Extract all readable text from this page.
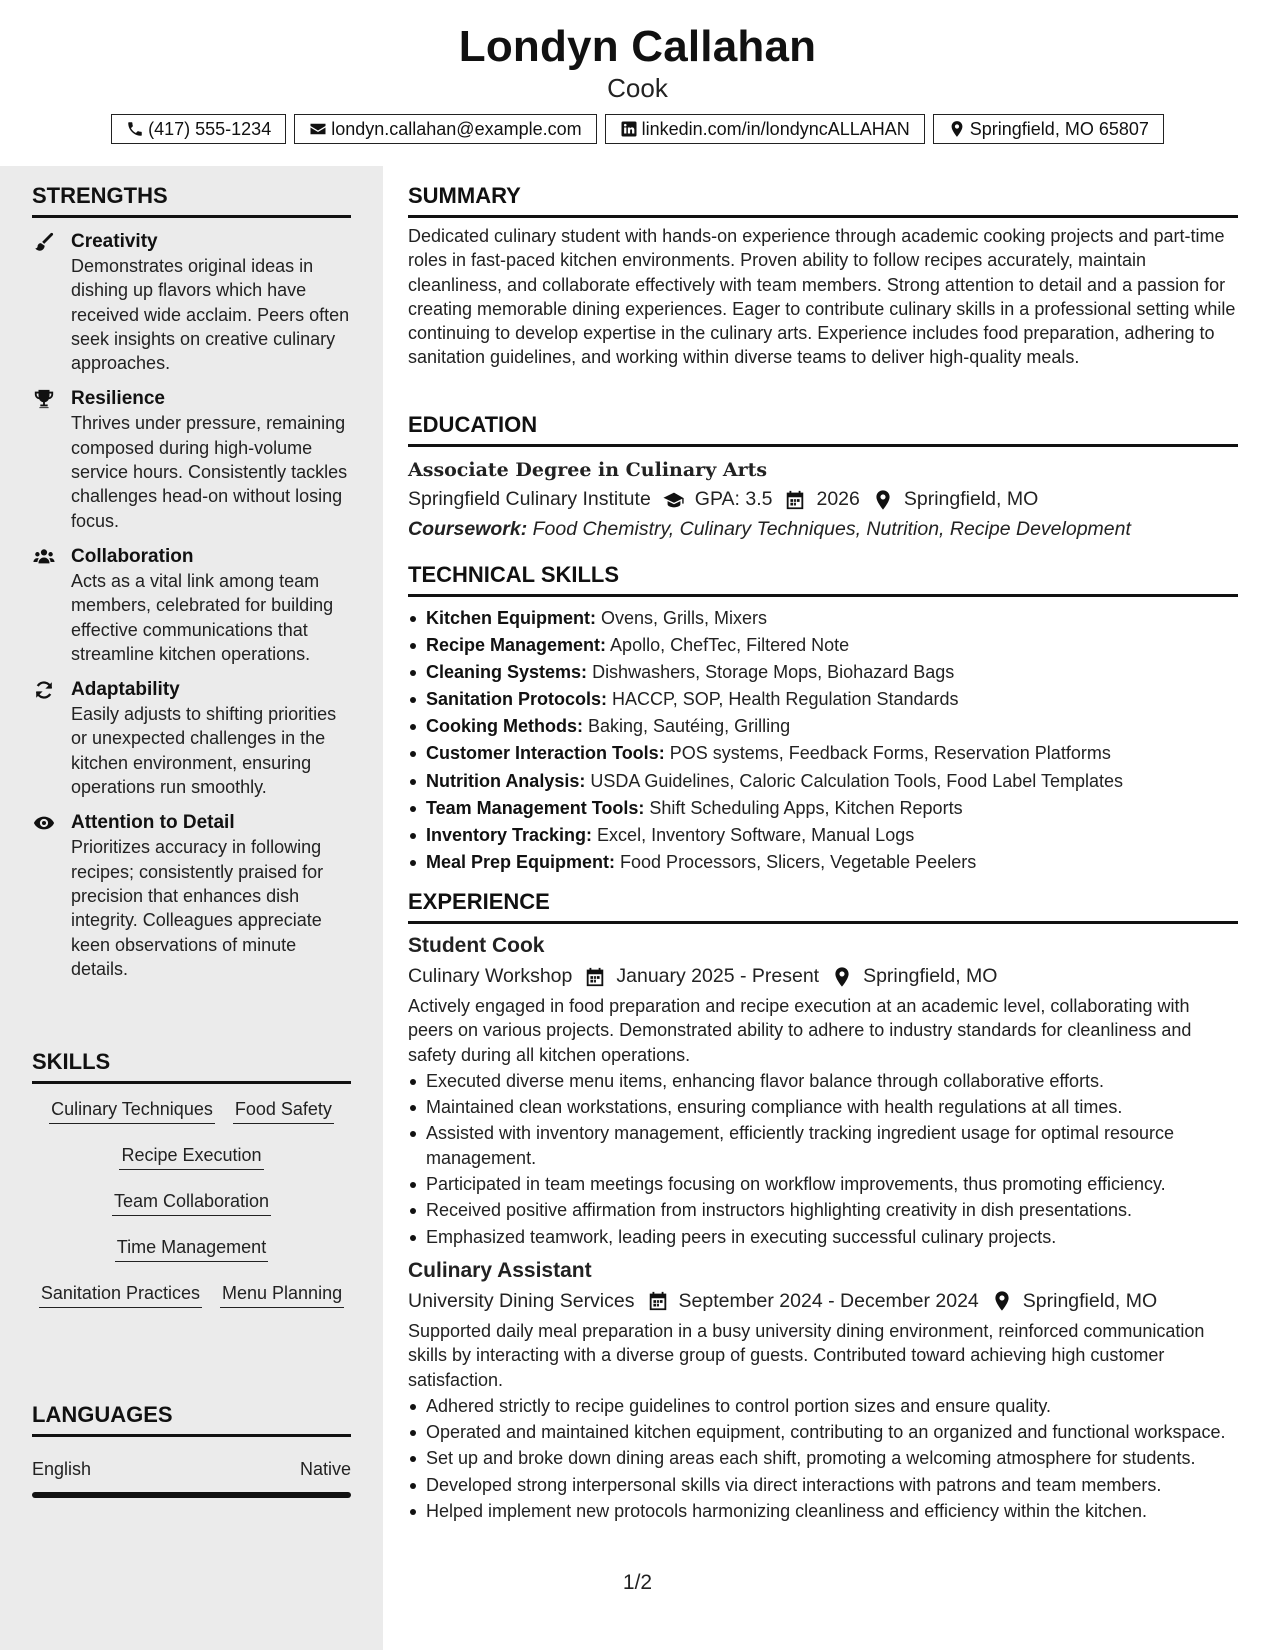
Londyn Callahan
Cook
(417) 555-1234	londyn.callahan@example.com	linkedin.com/in/londyncALLAHAN	Springfield, MO 65807
STRENGTHS
Creativity
Demonstrates original ideas in dishing up flavors which have received wide acclaim. Peers often seek insights on creative culinary approaches.
Resilience
Thrives under pressure, remaining composed during high-volume service hours. Consistently tackles challenges head-on without losing focus.
Collaboration
Acts as a vital link among team members, celebrated for building effective communications that streamline kitchen operations.
Adaptability
Easily adjusts to shifting priorities or unexpected challenges in the kitchen environment, ensuring operations run smoothly.
Attention to Detail
Prioritizes accuracy in following recipes; consistently praised for precision that enhances dish integrity. Colleagues appreciate keen observations of minute details.
SKILLS
Culinary Techniques Food Safety
Recipe Execution
Team Collaboration
Time Management
Sanitation Practices Menu Planning
LANGUAGES
English	Native
SUMMARY

Dedicated culinary student with hands-on experience through academic cooking projects and part-time roles in fast-paced kitchen environments. Proven ability to follow recipes accurately, maintain cleanliness, and collaborate effectively with team members. Strong attention to detail and a passion for creating memorable dining experiences. Eager to contribute culinary skills in a professional setting while continuing to develop expertise in the culinary arts. Experience includes food preparation, adhering to sanitation guidelines, and working within diverse teams to deliver high-quality meals.

EDUCATION
Associate Degree in Culinary Arts
Springfield Culinary Institute GPA: 3.5 2026 Springfield, MO
Coursework: Food Chemistry, Culinary Techniques, Nutrition, Recipe Development
TECHNICAL SKILLS
Kitchen Equipment: Ovens, Grills, Mixers
Recipe Management: Apollo, ChefTec, Filtered Note
Cleaning Systems: Dishwashers, Storage Mops, Biohazard Bags
Sanitation Protocols: HACCP, SOP, Health Regulation Standards
Cooking Methods: Baking, Sautéing, Grilling
Customer Interaction Tools: POS systems, Feedback Forms, Reservation Platforms
Nutrition Analysis: USDA Guidelines, Caloric Calculation Tools, Food Label Templates
Team Management Tools: Shift Scheduling Apps, Kitchen Reports
Inventory Tracking: Excel, Inventory Software, Manual Logs
Meal Prep Equipment: Food Processors, Slicers, Vegetable Peelers
EXPERIENCE
Student Cook
Culinary Workshop January 2025 - Present Springfield, MO
Actively engaged in food preparation and recipe execution at an academic level, collaborating with peers on various projects. Demonstrated ability to adhere to industry standards for cleanliness and safety during all kitchen operations.
Executed diverse menu items, enhancing flavor balance through collaborative efforts.
Maintained clean workstations, ensuring compliance with health regulations at all times.
Assisted with inventory management, efficiently tracking ingredient usage for optimal resource management.
Participated in team meetings focusing on workflow improvements, thus promoting efficiency.
Received positive affirmation from instructors highlighting creativity in dish presentations.
Emphasized teamwork, leading peers in executing successful culinary projects.
Culinary Assistant
University Dining Services September 2024 - December 2024 Springfield, MO
Supported daily meal preparation in a busy university dining environment, reinforced communication skills by interacting with a diverse group of guests. Contributed toward achieving high customer satisfaction.
Adhered strictly to recipe guidelines to control portion sizes and ensure quality.
Operated and maintained kitchen equipment, contributing to an organized and functional workspace.
Set up and broke down dining areas each shift, promoting a welcoming atmosphere for students.
Developed strong interpersonal skills via direct interactions with patrons and team members.
Helped implement new protocols harmonizing cleanliness and efficiency within the kitchen.
1/2
